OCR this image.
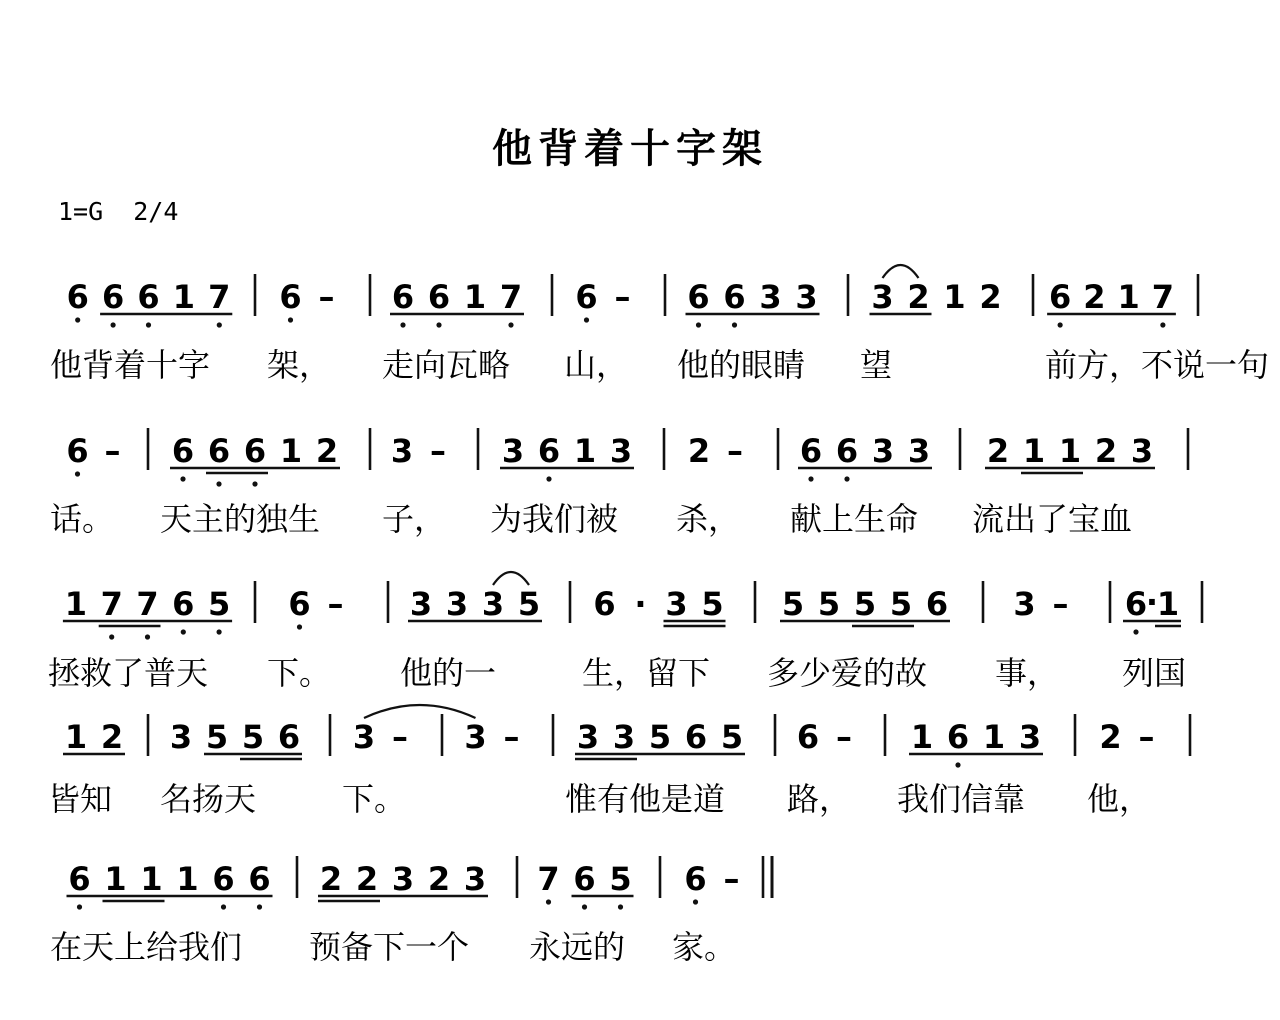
他背着十字架
1=G  2/4
6 6 6 1 7 6 – 6 6 1 7 6 – 6 6 3 3 3 2 1 2 6 2 1 7
他背着十字 架， 走向瓦略 山， 他的眼睛 望	前方，不说一句
6 – 6 6 6 1 2 3 – 3 6 1 3 2 – 6 6 3 3 2 1 1 2 3
话。 天主的独生 子， 为我们被 杀， 献上生命 流出了宝血
1 7 7 6 5 6 – 3 3 3 5 6 · 3 5 5 5 5 5 6 3 – 6
·
1
拯救了普天 下。 他的一	生，留下 多少爱的故 事， 列国
1 2 3 5 5 6 3 – 3 – 3 3 5 6 5 6 – 1 6 1 3 2 –
皆知 名扬天	下。	惟有他是道 路， 我们信靠 他，
6 1 1 1 6 6 2 2 3 2 3 7 6 5 6 –
在天上给我们 预备下一个 永远的 家。
